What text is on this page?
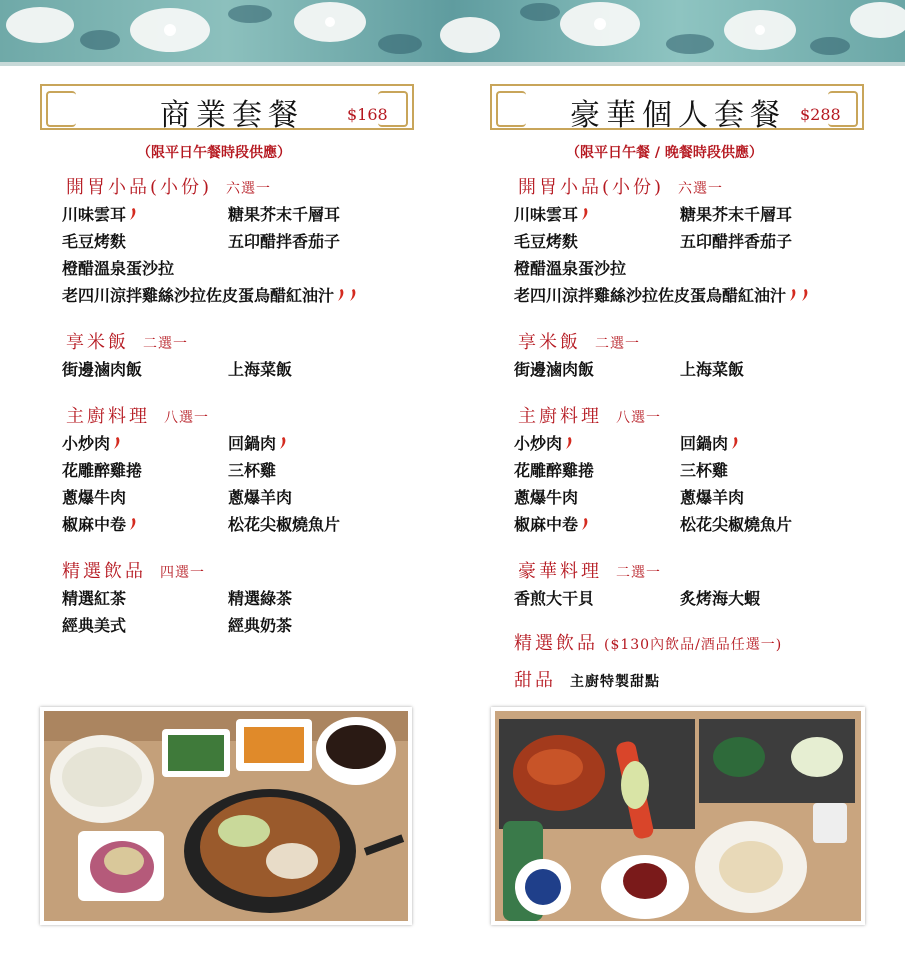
商業套餐	$168
（限平日午餐時段供應）
開胃小品(小份) 六選一
川味雲耳	糖果芥末千層耳
毛豆烤麩	五印醋拌香茄子
橙醋溫泉蛋沙拉
老四川涼拌雞絲沙拉佐皮蛋烏醋紅油汁
享米飯 二選一
街邊滷肉飯	上海菜飯
主廚料理 八選一
小炒肉	回鍋肉
花雕醉雞捲	三杯雞
蔥爆牛肉	蔥爆羊肉
椒麻中卷	松花尖椒燒魚片
精選飲品 四選一
精選紅茶	精選綠茶
經典美式	經典奶茶
豪華個人套餐 $288
（限平日午餐 / 晚餐時段供應）
開胃小品(小份) 六選一
川味雲耳	糖果芥末千層耳
毛豆烤麩	五印醋拌香茄子
橙醋溫泉蛋沙拉
老四川涼拌雞絲沙拉佐皮蛋烏醋紅油汁
享米飯 二選一
街邊滷肉飯	上海菜飯
主廚料理 八選一
小炒肉	回鍋肉
花雕醉雞捲	三杯雞
蔥爆牛肉	蔥爆羊肉
椒麻中卷	松花尖椒燒魚片
豪華料理 二選一
香煎大干貝	炙烤海大蝦
精選飲品 ($130內飲品/酒品任選一)
甜品 主廚特製甜點
